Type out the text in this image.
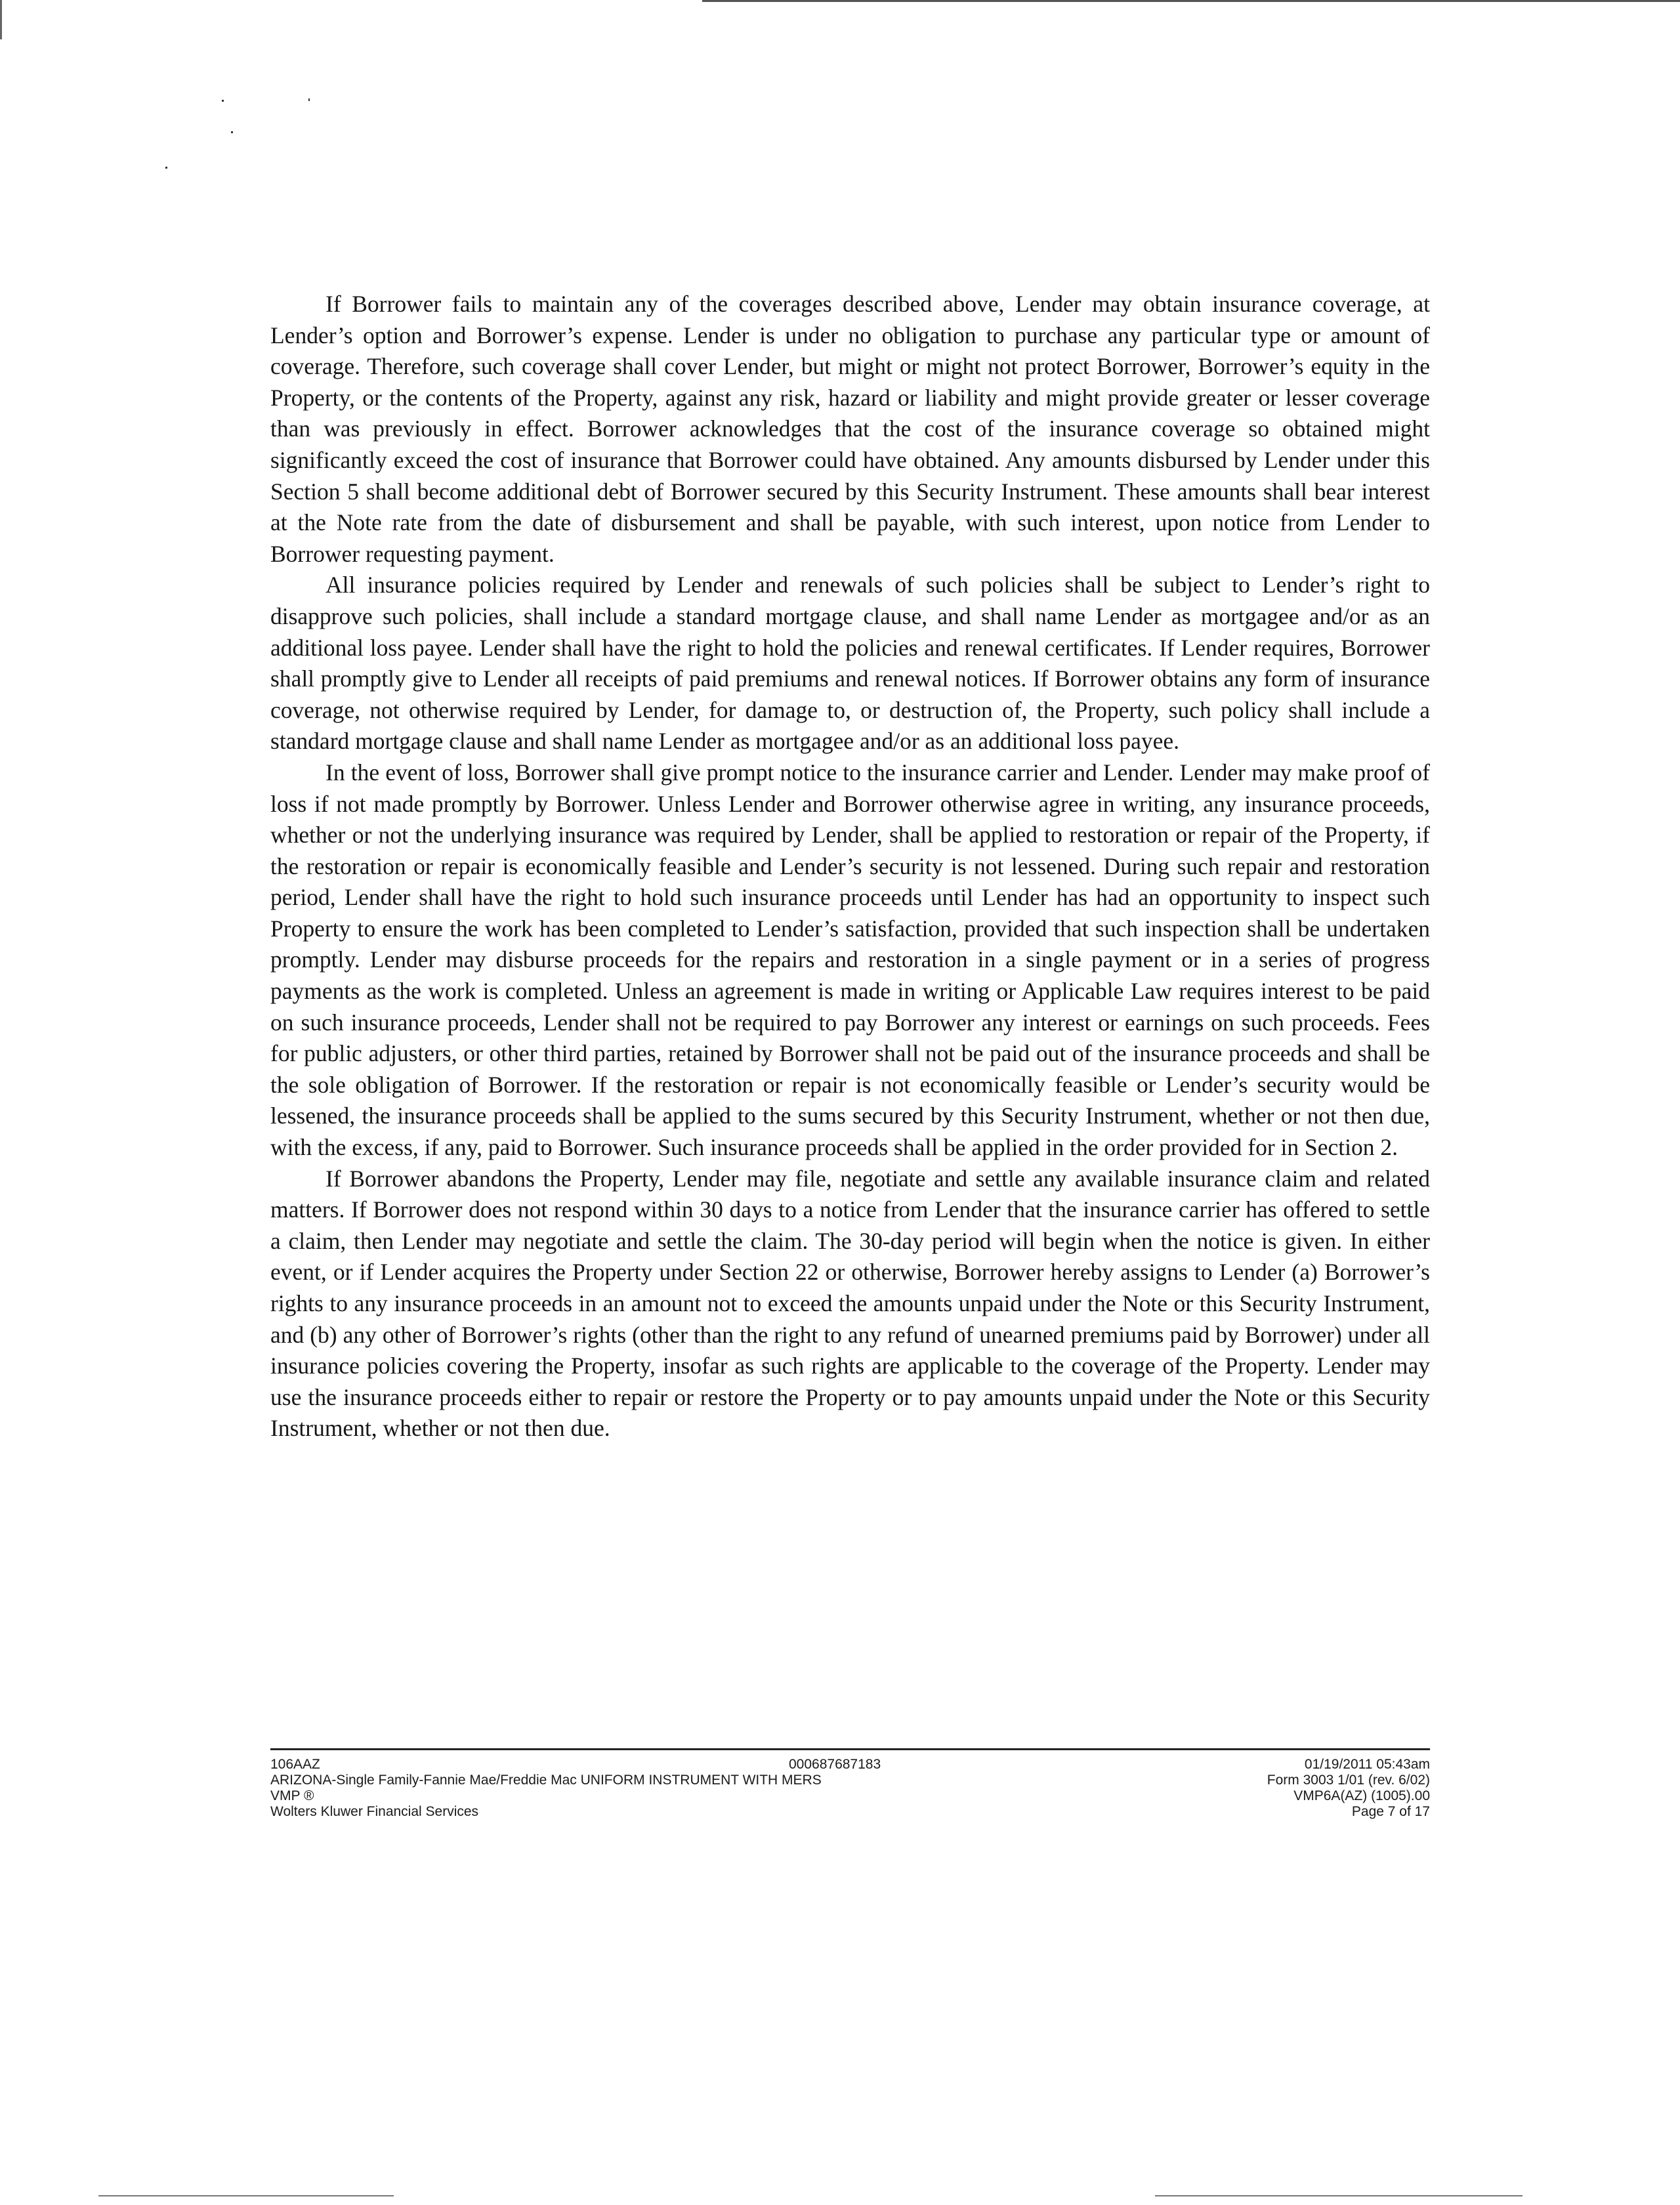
If Borrower fails to maintain any of the coverages described above, Lender may obtain insurance coverage, at Lender’s option and Borrower’s expense. Lender is under no obligation to purchase any particular type or amount of coverage. Therefore, such coverage shall cover Lender, but might or might not protect Borrower, Borrower’s equity in the Property, or the contents of the Property, against any risk, hazard or liability and might provide greater or lesser coverage than was previously in effect. Borrower acknowledges that the cost of the insurance coverage so obtained might significantly exceed the cost of insurance that Borrower could have obtained. Any amounts disbursed by Lender under this Section 5 shall become additional debt of Borrower secured by this Security Instrument. These amounts shall bear interest at the Note rate from the date of disbursement and shall be payable, with such interest, upon notice from Lender to Borrower requesting payment.

All insurance policies required by Lender and renewals of such policies shall be subject to Lender’s right to disapprove such policies, shall include a standard mortgage clause, and shall name Lender as mortgagee and/or as an additional loss payee. Lender shall have the right to hold the policies and renewal certificates. If Lender requires, Borrower shall promptly give to Lender all receipts of paid premiums and renewal notices. If Borrower obtains any form of insurance coverage, not otherwise required by Lender, for damage to, or destruction of, the Property, such policy shall include a standard mortgage clause and shall name Lender as mortgagee and/or as an additional loss payee.

In the event of loss, Borrower shall give prompt notice to the insurance carrier and Lender. Lender may make proof of loss if not made promptly by Borrower. Unless Lender and Borrower otherwise agree in writing, any insurance proceeds, whether or not the underlying insurance was required by Lender, shall be applied to restoration or repair of the Property, if the restoration or repair is economically feasible and Lender’s security is not lessened. During such repair and restoration period, Lender shall have the right to hold such insurance proceeds until Lender has had an opportunity to inspect such Property to ensure the work has been completed to Lender’s satisfaction, provided that such inspection shall be undertaken promptly. Lender may disburse proceeds for the repairs and restoration in a single payment or in a series of progress payments as the work is completed. Unless an agreement is made in writing or Applicable Law requires interest to be paid on such insurance proceeds, Lender shall not be required to pay Borrower any interest or earnings on such proceeds. Fees for public adjusters, or other third parties, retained by Borrower shall not be paid out of the insurance proceeds and shall be the sole obligation of Borrower. If the restoration or repair is not economically feasible or Lender’s security would be lessened, the insurance proceeds shall be applied to the sums secured by this Security Instrument, whether or not then due, with the excess, if any, paid to Borrower. Such insurance proceeds shall be applied in the order provided for in Section 2.

If Borrower abandons the Property, Lender may file, negotiate and settle any available insurance claim and related matters. If Borrower does not respond within 30 days to a notice from Lender that the insurance carrier has offered to settle a claim, then Lender may negotiate and settle the claim. The 30-day period will begin when the notice is given. In either event, or if Lender acquires the Property under Section 22 or otherwise, Borrower hereby assigns to Lender (a) Borrower’s rights to any insurance proceeds in an amount not to exceed the amounts unpaid under the Note or this Security Instrument, and (b) any other of Borrower’s rights (other than the right to any refund of unearned premiums paid by Borrower) under all insurance policies covering the Property, insofar as such rights are applicable to the coverage of the Property. Lender may use the insurance proceeds either to repair or restore the Property or to pay amounts unpaid under the Note or this Security Instrument, whether or not then due.

106AAZ
ARIZONA-Single Family-Fannie Mae/Freddie Mac UNIFORM INSTRUMENT WITH MERS
VMP ®
Wolters Kluwer Financial Services
000687687183	01/19/2011 05:43am
Form 3003 1/01 (rev. 6/02)
VMP6A(AZ) (1005).00
Page 7 of 17
